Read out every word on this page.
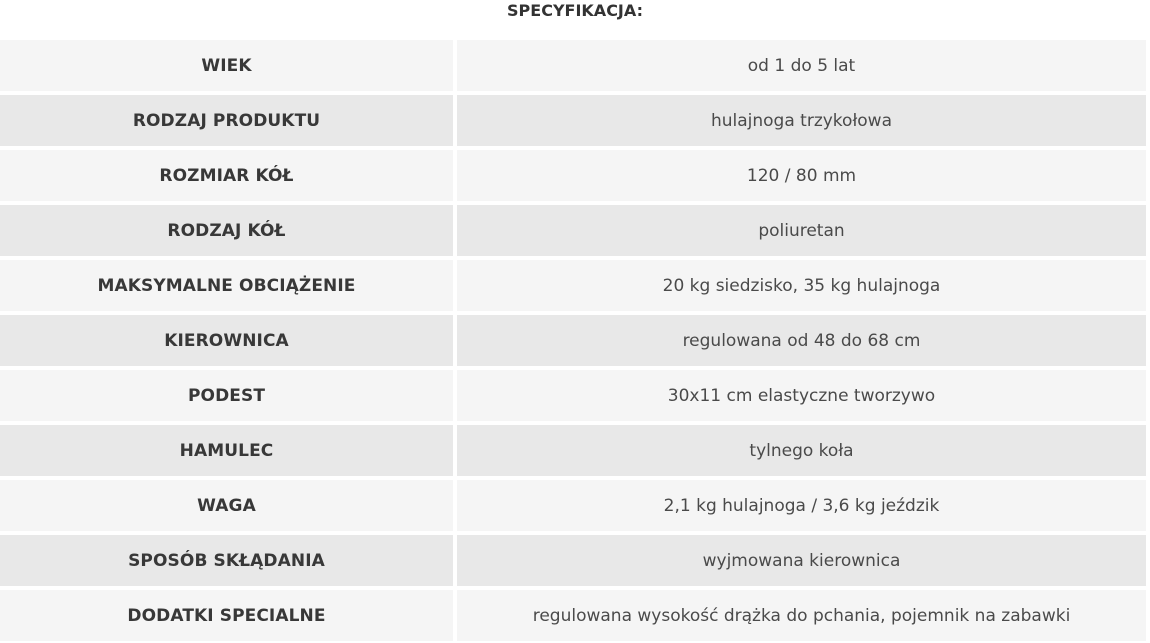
SPECYFIKACJA:
WIEK	od 1 do 5 lat
RODZAJ PRODUKTU	hulajnoga trzykołowa
ROZMIAR KÓŁ	120 / 80 mm
RODZAJ KÓŁ	poliuretan
MAKSYMALNE OBCIĄŻENIE	20 kg siedzisko, 35 kg hulajnoga
KIEROWNICA	regulowana od 48 do 68 cm
PODEST	30x11 cm elastyczne tworzywo
HAMULEC	tylnego koła
WAGA	2,1 kg hulajnoga / 3,6 kg jeździk
SPOSÓB SKŁĄDANIA	wyjmowana kierownica
DODATKI SPECIALNE	regulowana wysokość drążka do pchania, pojemnik na zabawki
